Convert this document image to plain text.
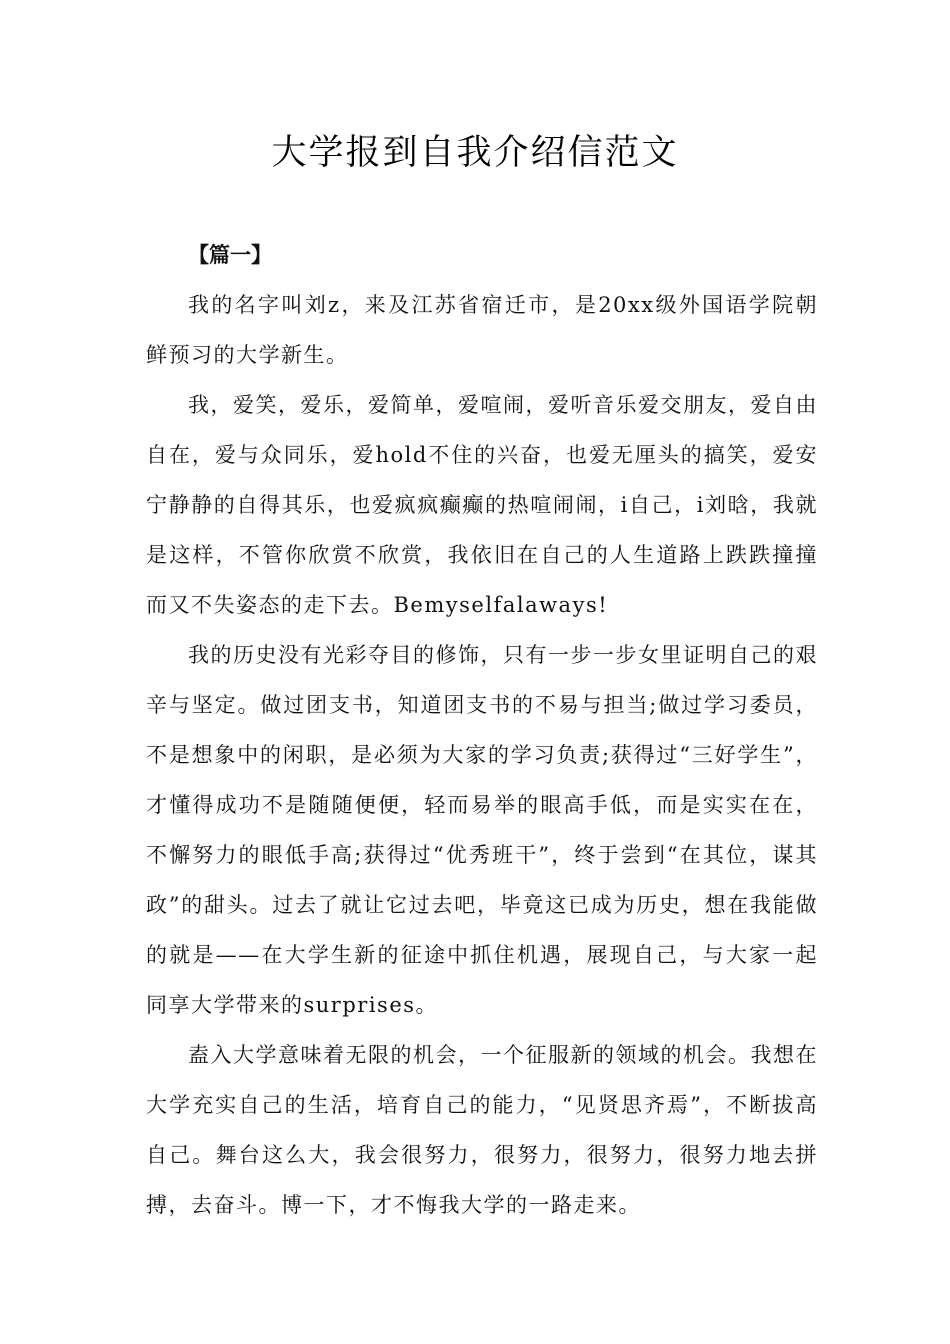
大学报到自我介绍信范文

【篇一】

我的名字叫刘z，来及江苏省宿迁市，是20xx级外国语学院朝鲜预习的大学新生。

我，爱笑，爱乐，爱简单，爱喧闹，爱听音乐爱交朋友，爱自由自在，爱与众同乐，爱hold不住的兴奋，也爱无厘头的搞笑，爱安宁静静的自得其乐，也爱疯疯癫癫的热喧闹闹，i自己，i刘晗，我就是这样，不管你欣赏不欣赏，我依旧在自己的人生道路上跌跌撞撞而又不失姿态的走下去。Bemyselfalaways!

我的历史没有光彩夺目的修饰，只有一步一步女里证明自己的艰辛与坚定。做过团支书，知道团支书的不易与担当;做过学习委员，不是想象中的闲职，是必须为大家的学习负责;获得过“三好学生”，才懂得成功不是随随便便，轻而易举的眼高手低，而是实实在在，不懈努力的眼低手高;获得过“优秀班干”，终于尝到“在其位，谋其政”的甜头。过去了就让它过去吧，毕竟这已成为历史，想在我能做的就是——在大学生新的征途中抓住机遇，展现自己，与大家一起同享大学带来的surprises。

盍入大学意味着无限的机会，一个征服新的领域的机会。我想在大学充实自己的生活，培育自己的能力，“见贤思齐焉”，不断拔高自己。舞台这么大，我会很努力，很努力，很努力，很努力地去拼搏，去奋斗。博一下，才不悔我大学的一路走来。
